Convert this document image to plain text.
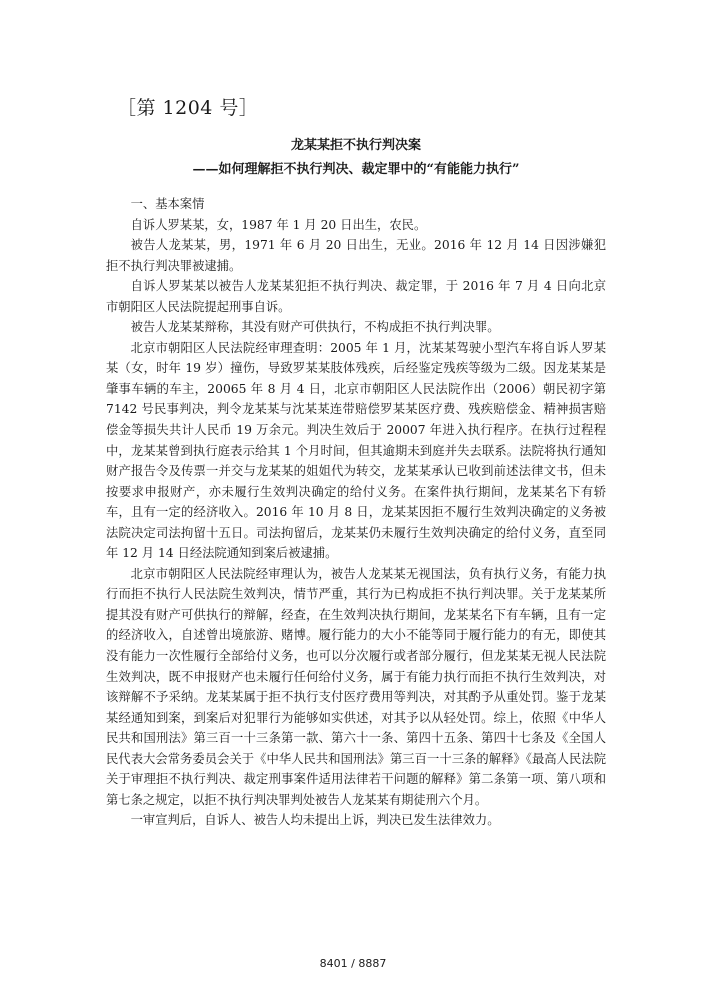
［第 1204 号］
龙某某拒不执行判决案
——如何理解拒不执行判决、裁定罪中的“有能能力执行”

一、基本案情

自诉人罗某某，女，1987 年 1 月 20 日出生，农民。

被告人龙某某，男，1971 年 6 月 20 日出生，无业。2016 年 12 月 14 日因涉嫌犯拒不执行判决罪被逮捕。

自诉人罗某某以被告人龙某某犯拒不执行判决、裁定罪，于 2016 年 7 月 4 日向北京市朝阳区人民法院提起刑事自诉。

被告人龙某某辩称，其没有财产可供执行，不构成拒不执行判决罪。

北京市朝阳区人民法院经审理查明：2005 年 1 月，沈某某驾驶小型汽车将自诉人罗某某（女，时年 19 岁）撞伤，导致罗某某肢体残疾，后经鉴定残疾等级为二级。因龙某某是肇事车辆的车主，20065 年 8 月 4 日，北京市朝阳区人民法院作出（2006）朝民初字第 7142 号民事判决，判令龙某某与沈某某连带赔偿罗某某医疗费、残疾赔偿金、精神损害赔偿金等损失共计人民币 19 万余元。判决生效后于 20007 年进入执行程序。在执行过程程中，龙某某曾到执行庭表示给其 1 个月时间，但其逾期未到庭并失去联系。法院将执行通知财产报告令及传票一并交与龙某某的姐姐代为转交，龙某某承认已收到前述法律文书，但未按要求申报财产，亦未履行生效判决确定的给付义务。在案件执行期间，龙某某名下有轿车，且有一定的经济收入。2016 年 10 月 8 日，龙某某因拒不履行生效判决确定的义务被法院决定司法拘留十五日。司法拘留后，龙某某仍未履行生效判决确定的给付义务，直至同年 12 月 14 日经法院通知到案后被逮捕。

北京市朝阳区人民法院经审理认为，被告人龙某某无视国法，负有执行义务，有能力执行而拒不执行人民法院生效判决，情节严重，其行为已构成拒不执行判决罪。关于龙某某所提其没有财产可供执行的辩解，经查，在生效判决执行期间，龙某某名下有车辆，且有一定的经济收入，自述曾出境旅游、赌博。履行能力的大小不能等同于履行能力的有无，即使其没有能力一次性履行全部给付义务，也可以分次履行或者部分履行，但龙某某无视人民法院生效判决，既不申报财产也未履行任何给付义务，属于有能力执行而拒不执行生效判决，对该辩解不予采纳。龙某某属于拒不执行支付医疗费用等判决，对其酌予从重处罚。鉴于龙某某经通知到案，到案后对犯罪行为能够如实供述，对其予以从轻处罚。综上，依照《中华人民共和国刑法》第三百一十三条第一款、第六十一条、第四十五条、第四十七条及《全国人民代表大会常务委员会关于《中华人民共和国刑法》第三百一十三条的解释》《最高人民法院关于审理拒不执行判决、裁定刑事案件适用法律若干问题的解释》第二条第一项、第八项和第七条之规定，以拒不执行判决罪判处被告人龙某某有期徒刑六个月。

一审宣判后，自诉人、被告人均未提出上诉，判决已发生法律效力。

8401 / 8887
